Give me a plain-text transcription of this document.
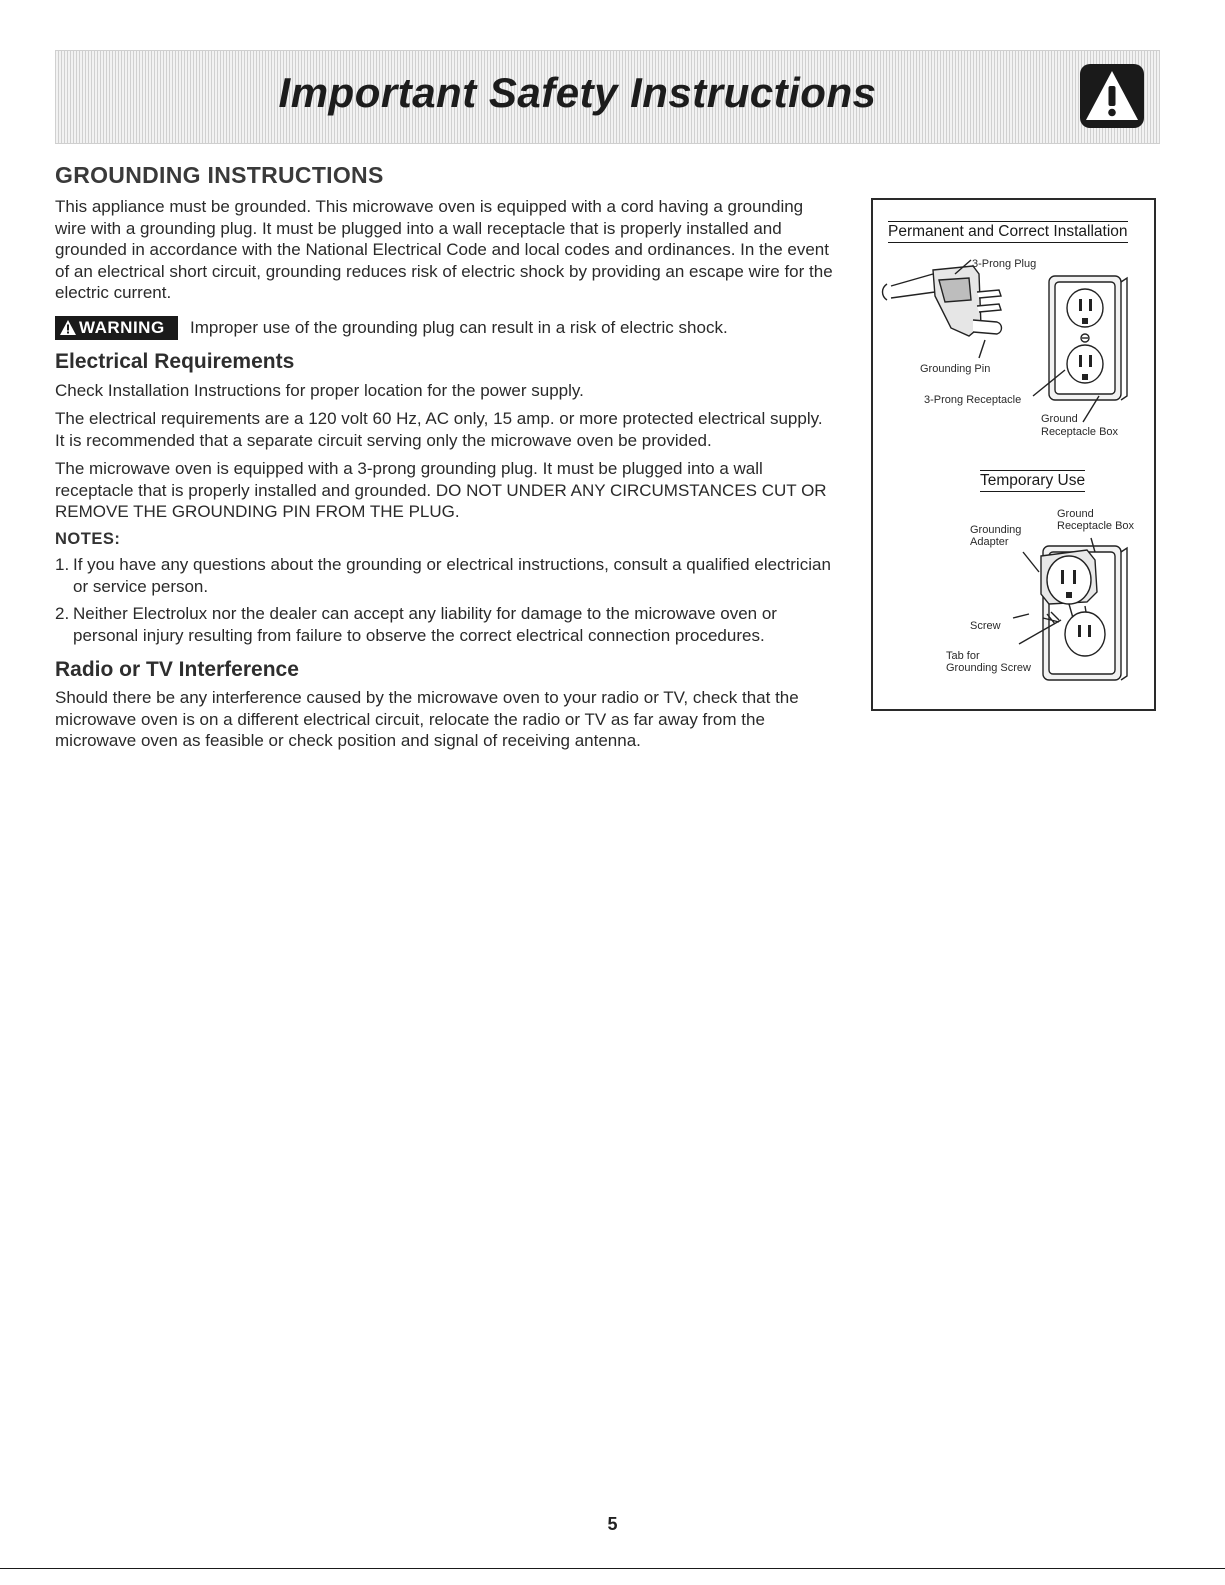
Important Safety Instructions
GROUNDING INSTRUCTIONS

This appliance must be grounded. This microwave oven is equipped with a cord having a grounding wire with a grounding plug. It must be plugged into a wall receptacle that is properly installed and grounded in accordance with the National Electrical Code and local codes and ordinances. In the event of an electrical short circuit, grounding reduces risk of electric shock by providing an escape wire for the electric current.

WARNING	Improper use of the grounding plug can result in a risk of electric shock.
Electrical Requirements

Check Installation Instructions for proper location for the power supply.

The electrical requirements are a 120 volt 60 Hz, AC only, 15 amp. or more protected electrical supply. It is recommended that a separate circuit serving only the microwave oven be provided.

The microwave oven is equipped with a 3-prong grounding plug. It must be plugged into a wall receptacle that is properly installed and grounded. DO NOT UNDER ANY CIRCUMSTANCES CUT OR REMOVE THE GROUNDING PIN FROM THE PLUG.

NOTES:
1. If you have any questions about the grounding or electrical instructions, consult a qualified electrician or service person.
2. Neither Electrolux nor the dealer can accept any liability for damage to the microwave oven or personal injury resulting from failure to observe the correct electrical connection procedures.
Radio or TV Interference

Should there be any interference caused by the microwave oven to your radio or TV, check that the microwave oven is on a different electrical circuit, relocate the radio or TV as far away from the microwave oven as feasible or check position and signal of receiving antenna.

Permanent and Correct Installation
3-Prong Plug
Grounding Pin
3-Prong Receptacle
Ground
Receptacle Box
Temporary Use
Ground
Receptacle Box
Grounding
Adapter
Screw
Tab for
Grounding Screw
5
